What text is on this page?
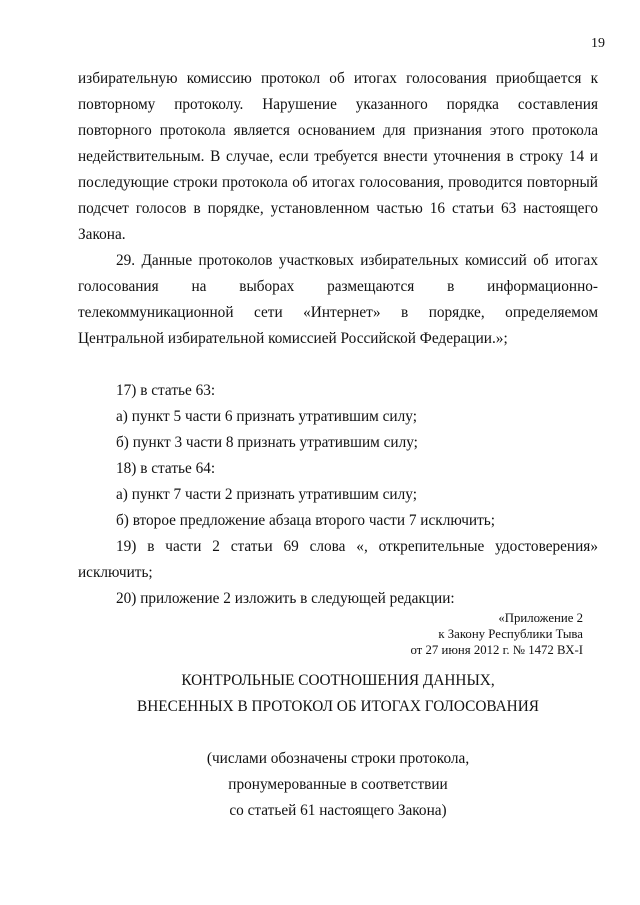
19

избирательную комиссию протокол об итогах голосования приобщается к повторному протоколу. Нарушение указанного порядка составления повторного протокола является основанием для признания этого протокола недействительным. В случае, если требуется внести уточнения в строку 14 и последующие строки протокола об итогах голосования, проводится повторный подсчет голосов в порядке, установленном частью 16 статьи 63 настоящего Закона.

29. Данные протоколов участковых избирательных комиссий об итогах голосования на выборах размещаются в информационно-телекоммуникационной сети «Интернет» в порядке, определяемом Центральной избирательной комиссией Российской Федерации.»;

17) в статье 63:

а) пункт 5 части 6 признать утратившим силу;

б) пункт 3 части 8 признать утратившим силу;

18) в статье 64:

а) пункт 7 части 2 признать утратившим силу;

б) второе предложение абзаца второго части 7 исключить;

19) в части 2 статьи 69 слова «, открепительные удостоверения» исключить;

20) приложение 2 изложить в следующей редакции:

«Приложение 2
к Закону Республики Тыва
от 27 июня 2012 г. № 1472 ВХ-I
КОНТРОЛЬНЫЕ СООТНОШЕНИЯ ДАННЫХ,
ВНЕСЕННЫХ В ПРОТОКОЛ ОБ ИТОГАХ ГОЛОСОВАНИЯ
(числами обозначены строки протокола,
пронумерованные в соответствии
со статьей 61 настоящего Закона)
